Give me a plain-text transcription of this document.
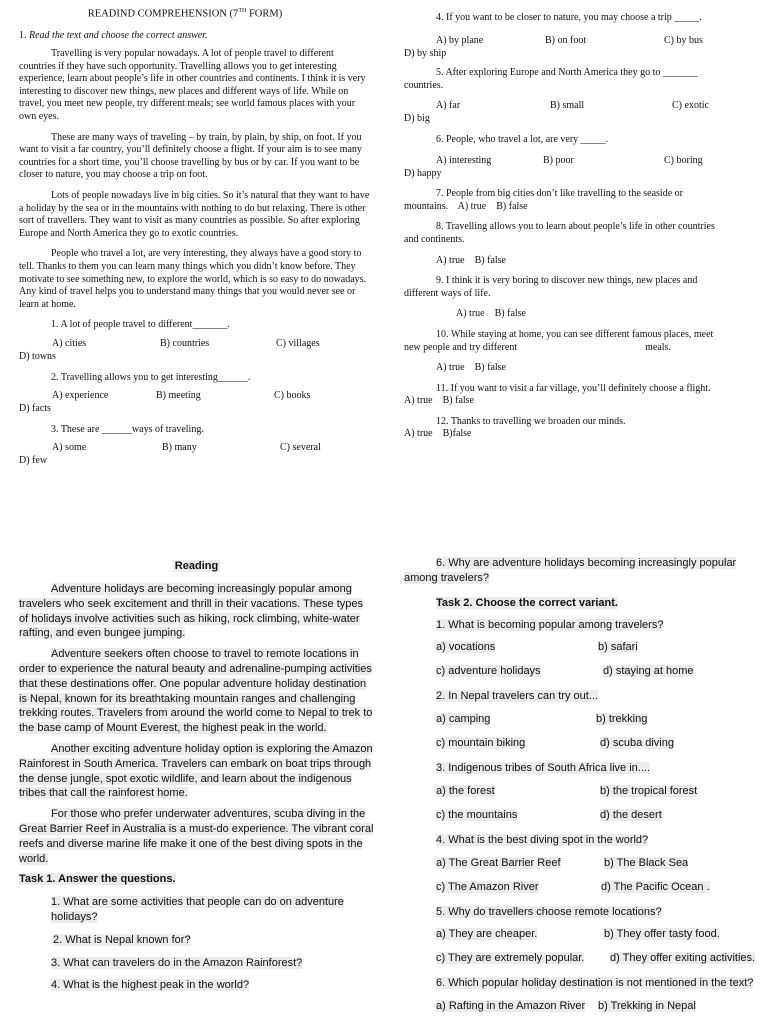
READIND COMPREHENSION (7TH FORM)

1. Read the text and choose the correct answer.

Travelling is very popular nowadays. A lot of people travel to different countries if they have such opportunity. Travelling allows you to get interesting experience, learn about people’s life in other countries and continents. I think it is very interesting to discover new things, new places and different ways of life. While on travel, you meet new people, try different meals; see world famous places with your own eyes.

These are many ways of traveling – by train, by plain, by ship, on foot. If you want to visit a far country, you’ll definitely choose a flight. If your aim is to see many countries for a short time, you’ll choose travelling by bus or by car. If you want to be closer to nature, you may choose a trip on foot.

Lots of people nowadays live in big cities. So it’s natural that they want to have a holiday by the sea or in the mountains with nothing to do but relaxing. There is other sort of travellers. They want to visit as many countries as possible. So after exploring Europe and North America they go to exotic countries.

People who travel a lot, are very interesting, they always have a good story to tell. Thanks to them you can learn many things which you didn’t know before. They motivate to see something new, to explore the world, which is so easy to do nowadays. Any kind of travel helps you to understand many things that you would never see or learn at home.

1. A lot of people travel to different_______.

A) cities	B) countries	C) villages

D) towns

2. Travelling allows you to get interesting______.

A) experience	B) meeting	C) books

D) facts

3. These are ______ways of traveling.

A) some	B) many	C) several

D) few

4. If you want to be closer to nature, you may choose a trip _____.

A) by plane	B) on foot	C) by bus

D) by ship

5. After exploring Europe and North America they go to _______

countries.

A) far	B) small	C) exotic

D) big

6. People, who travel a lot, are very _____.

A) interesting	B) poor	C) boring

D) happy

7. People from big cities don’t like travelling to the seaside or

mountains. A) true B) false

8. Travelling allows you to learn about people’s life in other countries

and continents.

A) true B) false

9. I think it is very boring to discover new things, new places and

different ways of life.

A) true B) false

10. While staying at home, you can see different famous places, meet

new people and try different	meals.

A) true B) false

11. If you want to visit a far village, you’ll definitely choose a flight.

A) true B) false

12. Thanks to travelling we broaden our minds.

A) true B)false

Reading

Adventure holidays are becoming increasingly popular among travelers who seek excitement and thrill in their vacations. These types of holidays involve activities such as hiking, rock climbing, white-water rafting, and even bungee jumping.

Adventure seekers often choose to travel to remote locations in order to experience the natural beauty and adrenaline-pumping activities that these destinations offer. One popular adventure holiday destination is Nepal, known for its breathtaking mountain ranges and challenging trekking routes. Travelers from around the world come to Nepal to trek to the base camp of Mount Everest, the highest peak in the world.

Another exciting adventure holiday option is exploring the Amazon Rainforest in South America. Travelers can embark on boat trips through the dense jungle, spot exotic wildlife, and learn about the indigenous tribes that call the rainforest home.

For those who prefer underwater adventures, scuba diving in the Great Barrier Reef in Australia is a must-do experience. The vibrant coral reefs and diverse marine life make it one of the best diving spots in the world.

Task 1. Answer the questions.

1. What are some activities that people can do on adventure holidays?

2. What is Nepal known for?

3. What can travelers do in the Amazon Rainforest?

4. What is the highest peak in the world?

6. Why are adventure holidays becoming increasingly popular among travelers?

Task 2. Choose the correct variant.

1. What is becoming popular among travelers?

a) vocations	b) safari
c) adventure holidays	d) staying at home

2. In Nepal travelers can try out...

a) camping	b) trekking
c) mountain biking	d) scuba diving

3. Indigenous tribes of South Africa live in....

a) the forest	b) the tropical forest
c) the mountains	d) the desert

4. What is the best diving spot in the world?

a) The Great Barrier Reef	b) The Black Sea
c) The Amazon River	d) The Pacific Ocean .

5. Why do travellers choose remote locations?

a) They are cheaper.	b) They offer tasty food.
c) They are extremely popular. d) They offer exiting activities.

6. Which popular holiday destination is not mentioned in the text?

a) Rafting in the Amazon River b) Trekking in Nepal
